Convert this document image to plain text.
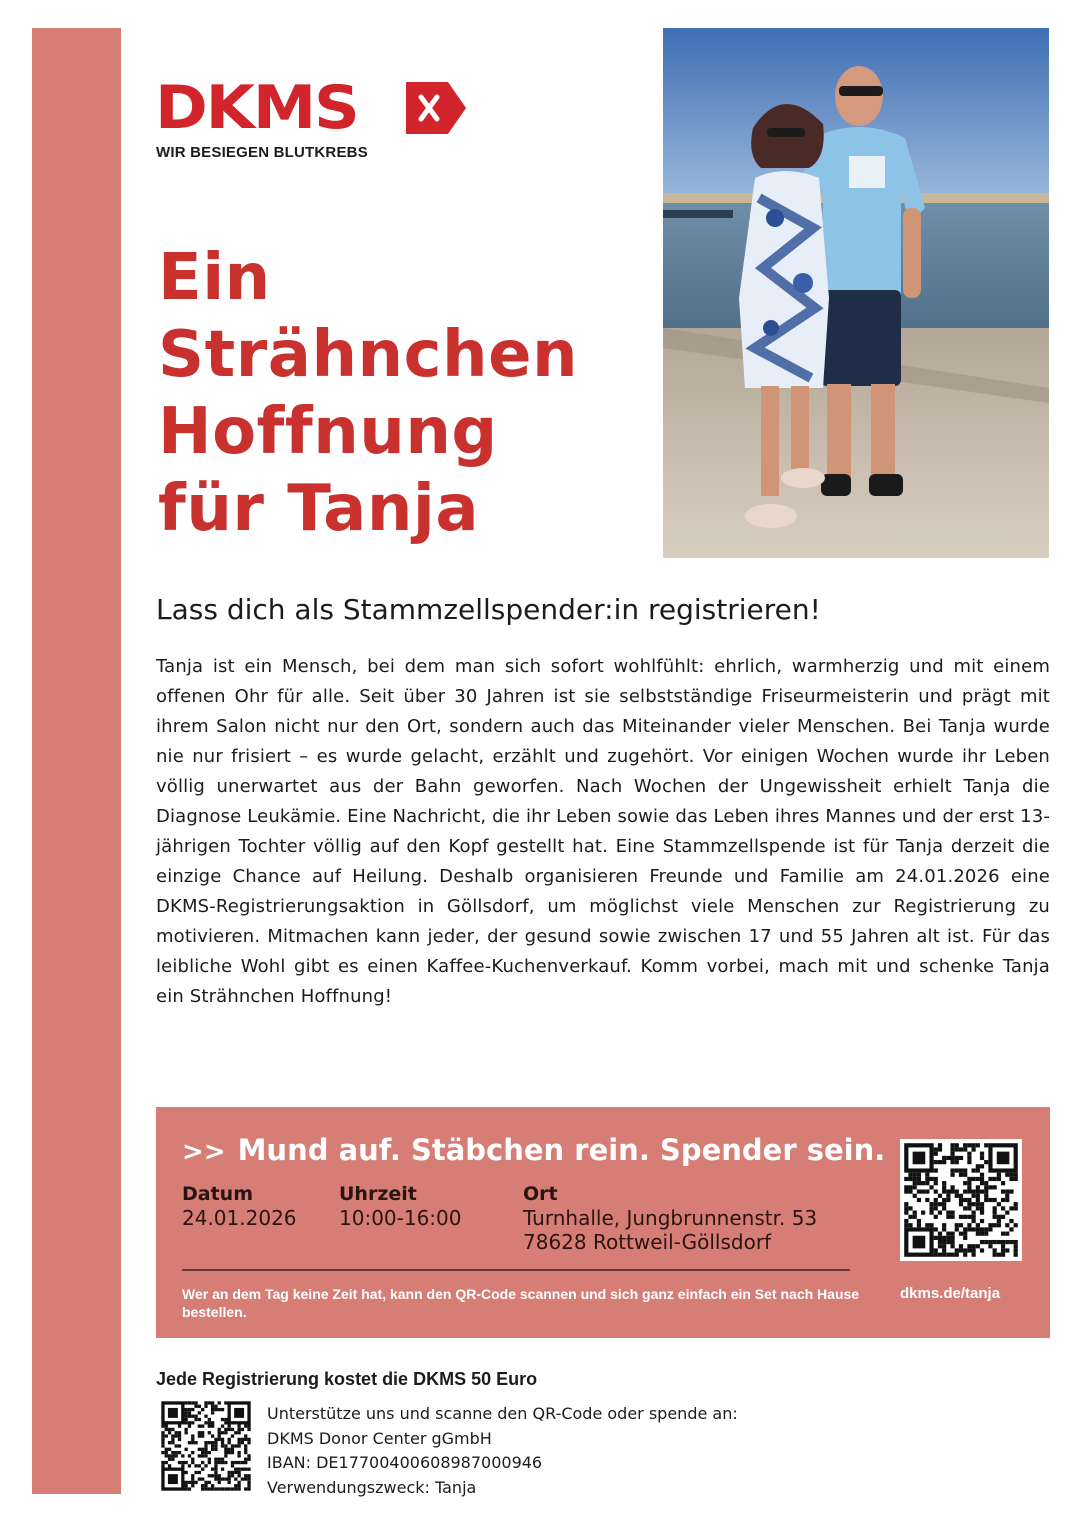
DKMS
WIR BESIEGEN BLUTKREBS
Ein
Strähnchen
Hoffnung
für Tanja
Lass dich als Stammzellspender:in registrieren!

Tanja ist ein Mensch, bei dem man sich sofort wohlfühlt: ehrlich, warmherzig und mit einem offenen Ohr für alle. Seit über 30 Jahren ist sie selbstständige Friseurmeisterin und prägt mit ihrem Salon nicht nur den Ort, sondern auch das Miteinander vieler Menschen. Bei Tanja wurde nie nur frisiert – es wurde gelacht, erzählt und zugehört. Vor einigen Wochen wurde ihr Leben völlig unerwartet aus der Bahn geworfen. Nach Wochen der Ungewissheit erhielt Tanja die Diagnose Leukämie. Eine Nachricht, die ihr Leben sowie das Leben ihres Mannes und der erst 13-jährigen Tochter völlig auf den Kopf gestellt hat. Eine Stammzellspende ist für Tanja derzeit die einzige Chance auf Heilung. Deshalb organisieren Freunde und Familie am 24.01.2026 eine DKMS-Registrierungsaktion in Göllsdorf, um möglichst viele Menschen zur Registrierung zu motivieren. Mitmachen kann jeder, der gesund sowie zwischen 17 und 55 Jahren alt ist. Für das leibliche Wohl gibt es einen Kaffee-Kuchenverkauf. Komm vorbei, mach mit und schenke Tanja ein Strähnchen Hoffnung!

>> Mund auf. Stäbchen rein. Spender sein.
Datum
24.01.2026
Uhrzeit
10:00-16:00
Ort
Turnhalle, Jungbrunnenstr. 53
78628 Rottweil-Göllsdorf

Wer an dem Tag keine Zeit hat, kann den QR-Code scannen und sich ganz einfach ein Set nach Hause bestellen.

dkms.de/tanja

Jede Registrierung kostet die DKMS 50 Euro

Unterstütze uns und scanne den QR-Code oder spende an:
DKMS Donor Center gGmbH
IBAN: DE17700400608987000946
Verwendungszweck: Tanja
